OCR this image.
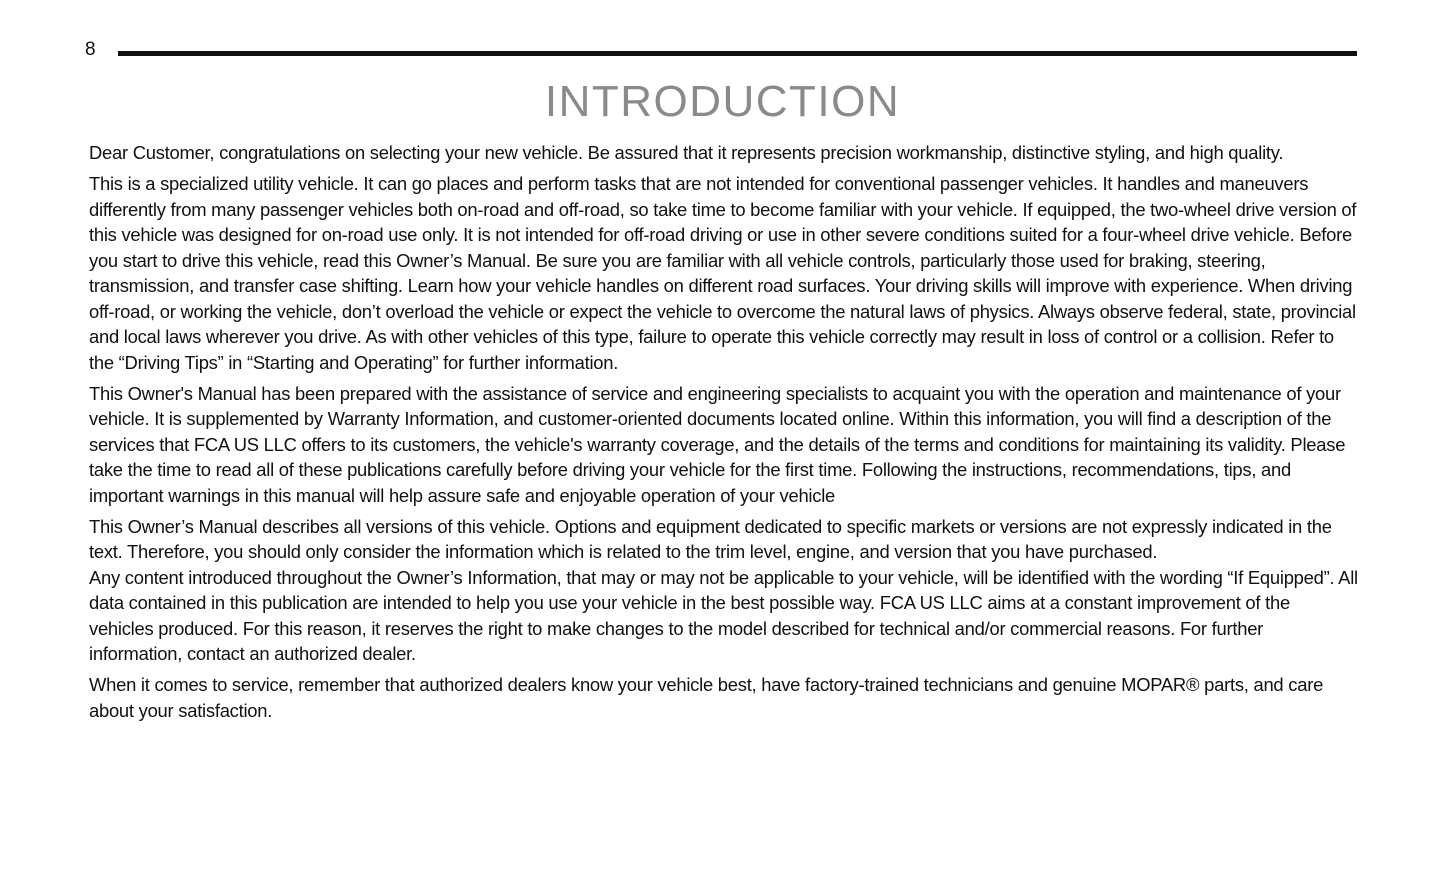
8
INTRODUCTION

Dear Customer, congratulations on selecting your new vehicle. Be assured that it represents precision workmanship, distinctive styling, and high quality.

This is a specialized utility vehicle. It can go places and perform tasks that are not intended for conventional passenger vehicles. It handles and maneuvers differently from many passenger vehicles both on-road and off-road, so take time to become familiar with your vehicle. If equipped, the two-wheel drive version of this vehicle was designed for on-road use only. It is not intended for off-road driving or use in other severe conditions suited for a four-wheel drive vehicle. Before you start to drive this vehicle, read this Owner’s Manual. Be sure you are familiar with all vehicle controls, particularly those used for braking, steering, transmission, and transfer case shifting. Learn how your vehicle handles on different road surfaces. Your driving skills will improve with experience. When driving off-road, or working the vehicle, don’t overload the vehicle or expect the vehicle to overcome the natural laws of physics. Always observe federal, state, provincial and local laws wherever you drive. As with other vehicles of this type, failure to operate this vehicle correctly may result in loss of control or a collision. Refer to the “Driving Tips” in “Starting and Operating” for further information.

This Owner's Manual has been prepared with the assistance of service and engineering specialists to acquaint you with the operation and maintenance of your vehicle. It is supplemented by Warranty Information, and customer-oriented documents located online. Within this information, you will find a description of the services that FCA US LLC offers to its customers, the vehicle's warranty coverage, and the details of the terms and conditions for maintaining its validity. Please take the time to read all of these publications carefully before driving your vehicle for the first time. Following the instructions, recommendations, tips, and important warnings in this manual will help assure safe and enjoyable operation of your vehicle

This Owner’s Manual describes all versions of this vehicle. Options and equipment dedicated to specific markets or versions are not expressly indicated in the text. Therefore, you should only consider the information which is related to the trim level, engine, and version that you have purchased.

Any content introduced throughout the Owner’s Information, that may or may not be applicable to your vehicle, will be identified with the wording “If Equipped”. All data contained in this publication are intended to help you use your vehicle in the best possible way. FCA US LLC aims at a constant improvement of the vehicles produced. For this reason, it reserves the right to make changes to the model described for technical and/or commercial reasons. For further information, contact an authorized dealer.

When it comes to service, remember that authorized dealers know your vehicle best, have factory-trained technicians and genuine MOPAR® parts, and care about your satisfaction.
